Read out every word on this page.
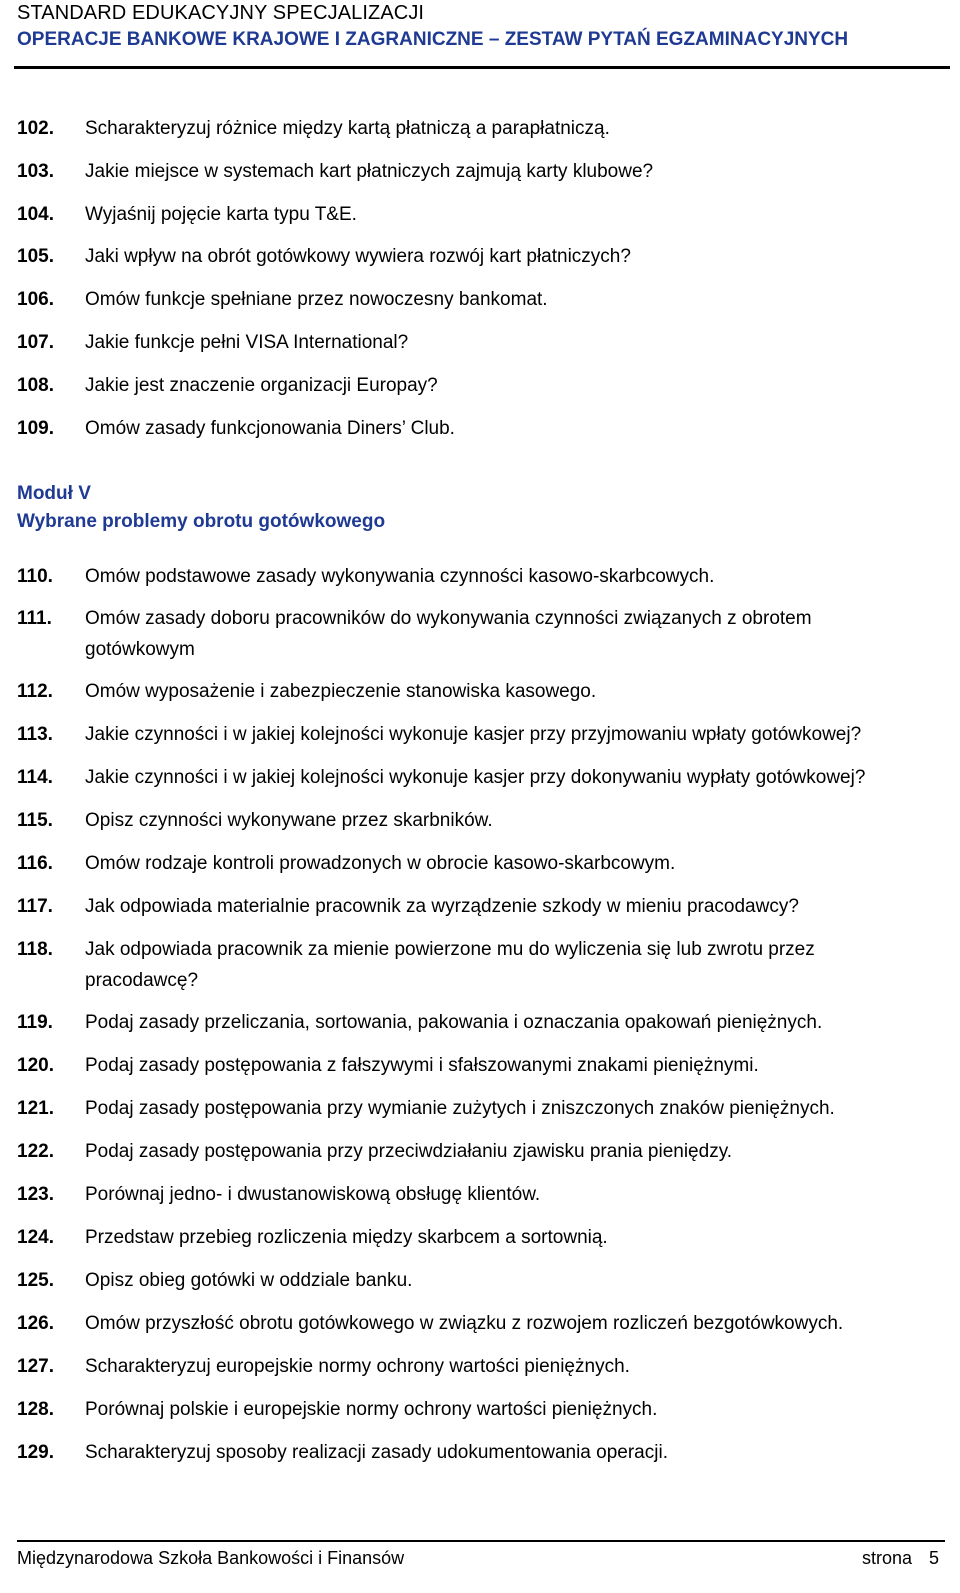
STANDARD EDUKACYJNY SPECJALIZACJI
OPERACJE BANKOWE KRAJOWE I ZAGRANICZNE – ZESTAW PYTAŃ EGZAMINACYJNYCH
102.	Scharakteryzuj różnice między kartą płatniczą a parapłatniczą.
103.	Jakie miejsce w systemach kart płatniczych zajmują karty klubowe?
104.	Wyjaśnij pojęcie karta typu T&E.
105.	Jaki wpływ na obrót gotówkowy wywiera rozwój kart płatniczych?
106.	Omów funkcje spełniane przez nowoczesny bankomat.
107.	Jakie funkcje pełni VISA International?
108.	Jakie jest znaczenie organizacji Europay?
109.	Omów zasady funkcjonowania Diners’ Club.
Moduł V
Wybrane problemy obrotu gotówkowego
110.	Omów podstawowe zasady wykonywania czynności kasowo-skarbcowych.
111.	Omów zasady doboru pracowników do wykonywania czynności związanych z obrotem gotówkowym
112.	Omów wyposażenie i zabezpieczenie stanowiska kasowego.
113.	Jakie czynności i w jakiej kolejności wykonuje kasjer przy przyjmowaniu wpłaty gotówkowej?
114.	Jakie czynności i w jakiej kolejności wykonuje kasjer przy dokonywaniu wypłaty gotówkowej?
115.	Opisz czynności wykonywane przez skarbników.
116.	Omów rodzaje kontroli prowadzonych w obrocie kasowo-skarbcowym.
117.	Jak odpowiada materialnie pracownik za wyrządzenie szkody w mieniu pracodawcy?
118.	Jak odpowiada pracownik za mienie powierzone mu do wyliczenia się lub zwrotu przez pracodawcę?
119.	Podaj zasady przeliczania, sortowania, pakowania i oznaczania opakowań pieniężnych.
120.	Podaj zasady postępowania z fałszywymi i sfałszowanymi znakami pieniężnymi.
121.	Podaj zasady postępowania przy wymianie zużytych i zniszczonych znaków pieniężnych.
122.	Podaj zasady postępowania przy przeciwdziałaniu zjawisku prania pieniędzy.
123.	Porównaj jedno- i dwustanowiskową obsługę klientów.
124.	Przedstaw przebieg rozliczenia między skarbcem a sortownią.
125.	Opisz obieg gotówki w oddziale banku.
126.	Omów przyszłość obrotu gotówkowego w związku z rozwojem rozliczeń bezgotówkowych.
127.	Scharakteryzuj europejskie normy ochrony wartości pieniężnych.
128.	Porównaj polskie i europejskie normy ochrony wartości pieniężnych.
129.	Scharakteryzuj sposoby realizacji zasady udokumentowania operacji.
Międzynarodowa Szkoła Bankowości i Finansów	strona 5
